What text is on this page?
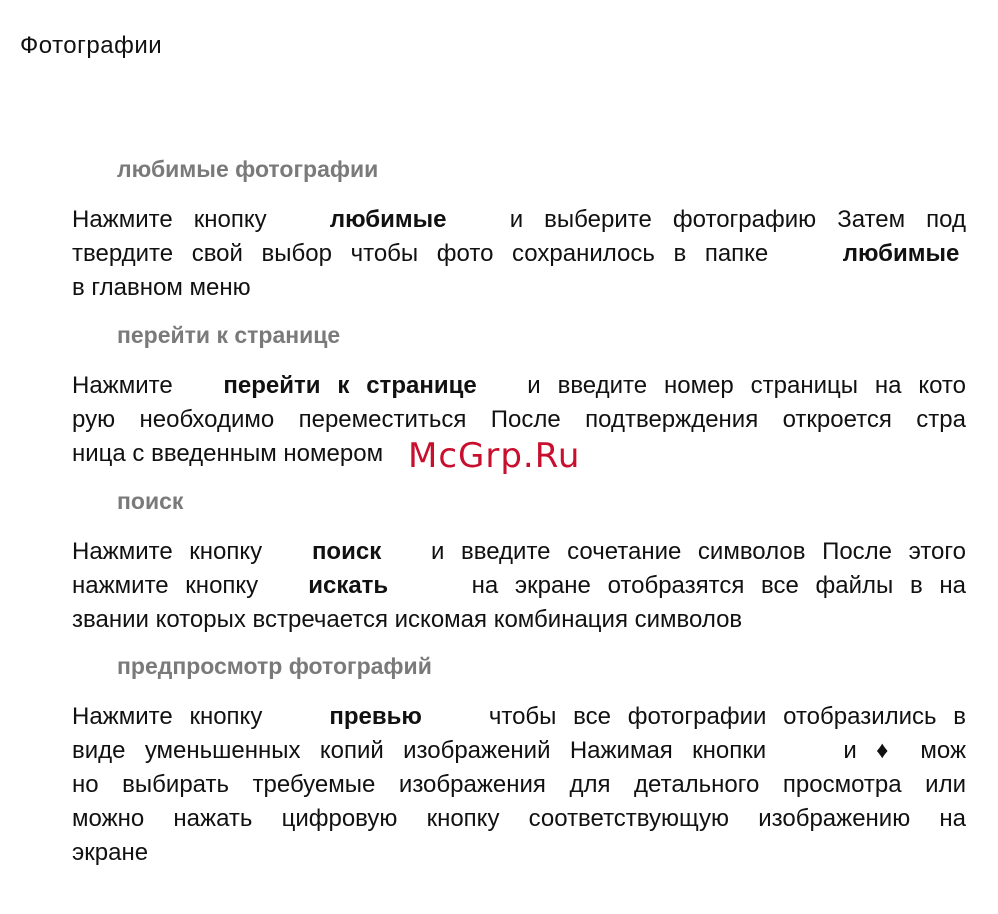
Фотографии
любимые фотографии
Нажмите кнопку	любимые	и выберите фотографию Затем под
твердите свой выбор чтобы фото сохранилось в папке	любимые
в главном меню
перейти к странице
Нажмите перейти к странице и введите номер страницы на кото
рую необходимо переместиться После подтверждения откроется стра
ница с введенным номером
поиск
Нажмите кнопку поиск и введите сочетание символов После этого
нажмите кнопку искать	на экране отобразятся все файлы в на
звании которых встречается искомая комбинация символов
предпросмотр фотографий
Нажмите кнопку	превью	чтобы все фотографии отобразились в
виде уменьшенных копий изображений Нажимая кнопки	и ♦ мож
но выбирать требуемые изображения для детального просмотра или
можно нажать цифровую кнопку соответствующую изображению на
экране
McGrp.Ru
